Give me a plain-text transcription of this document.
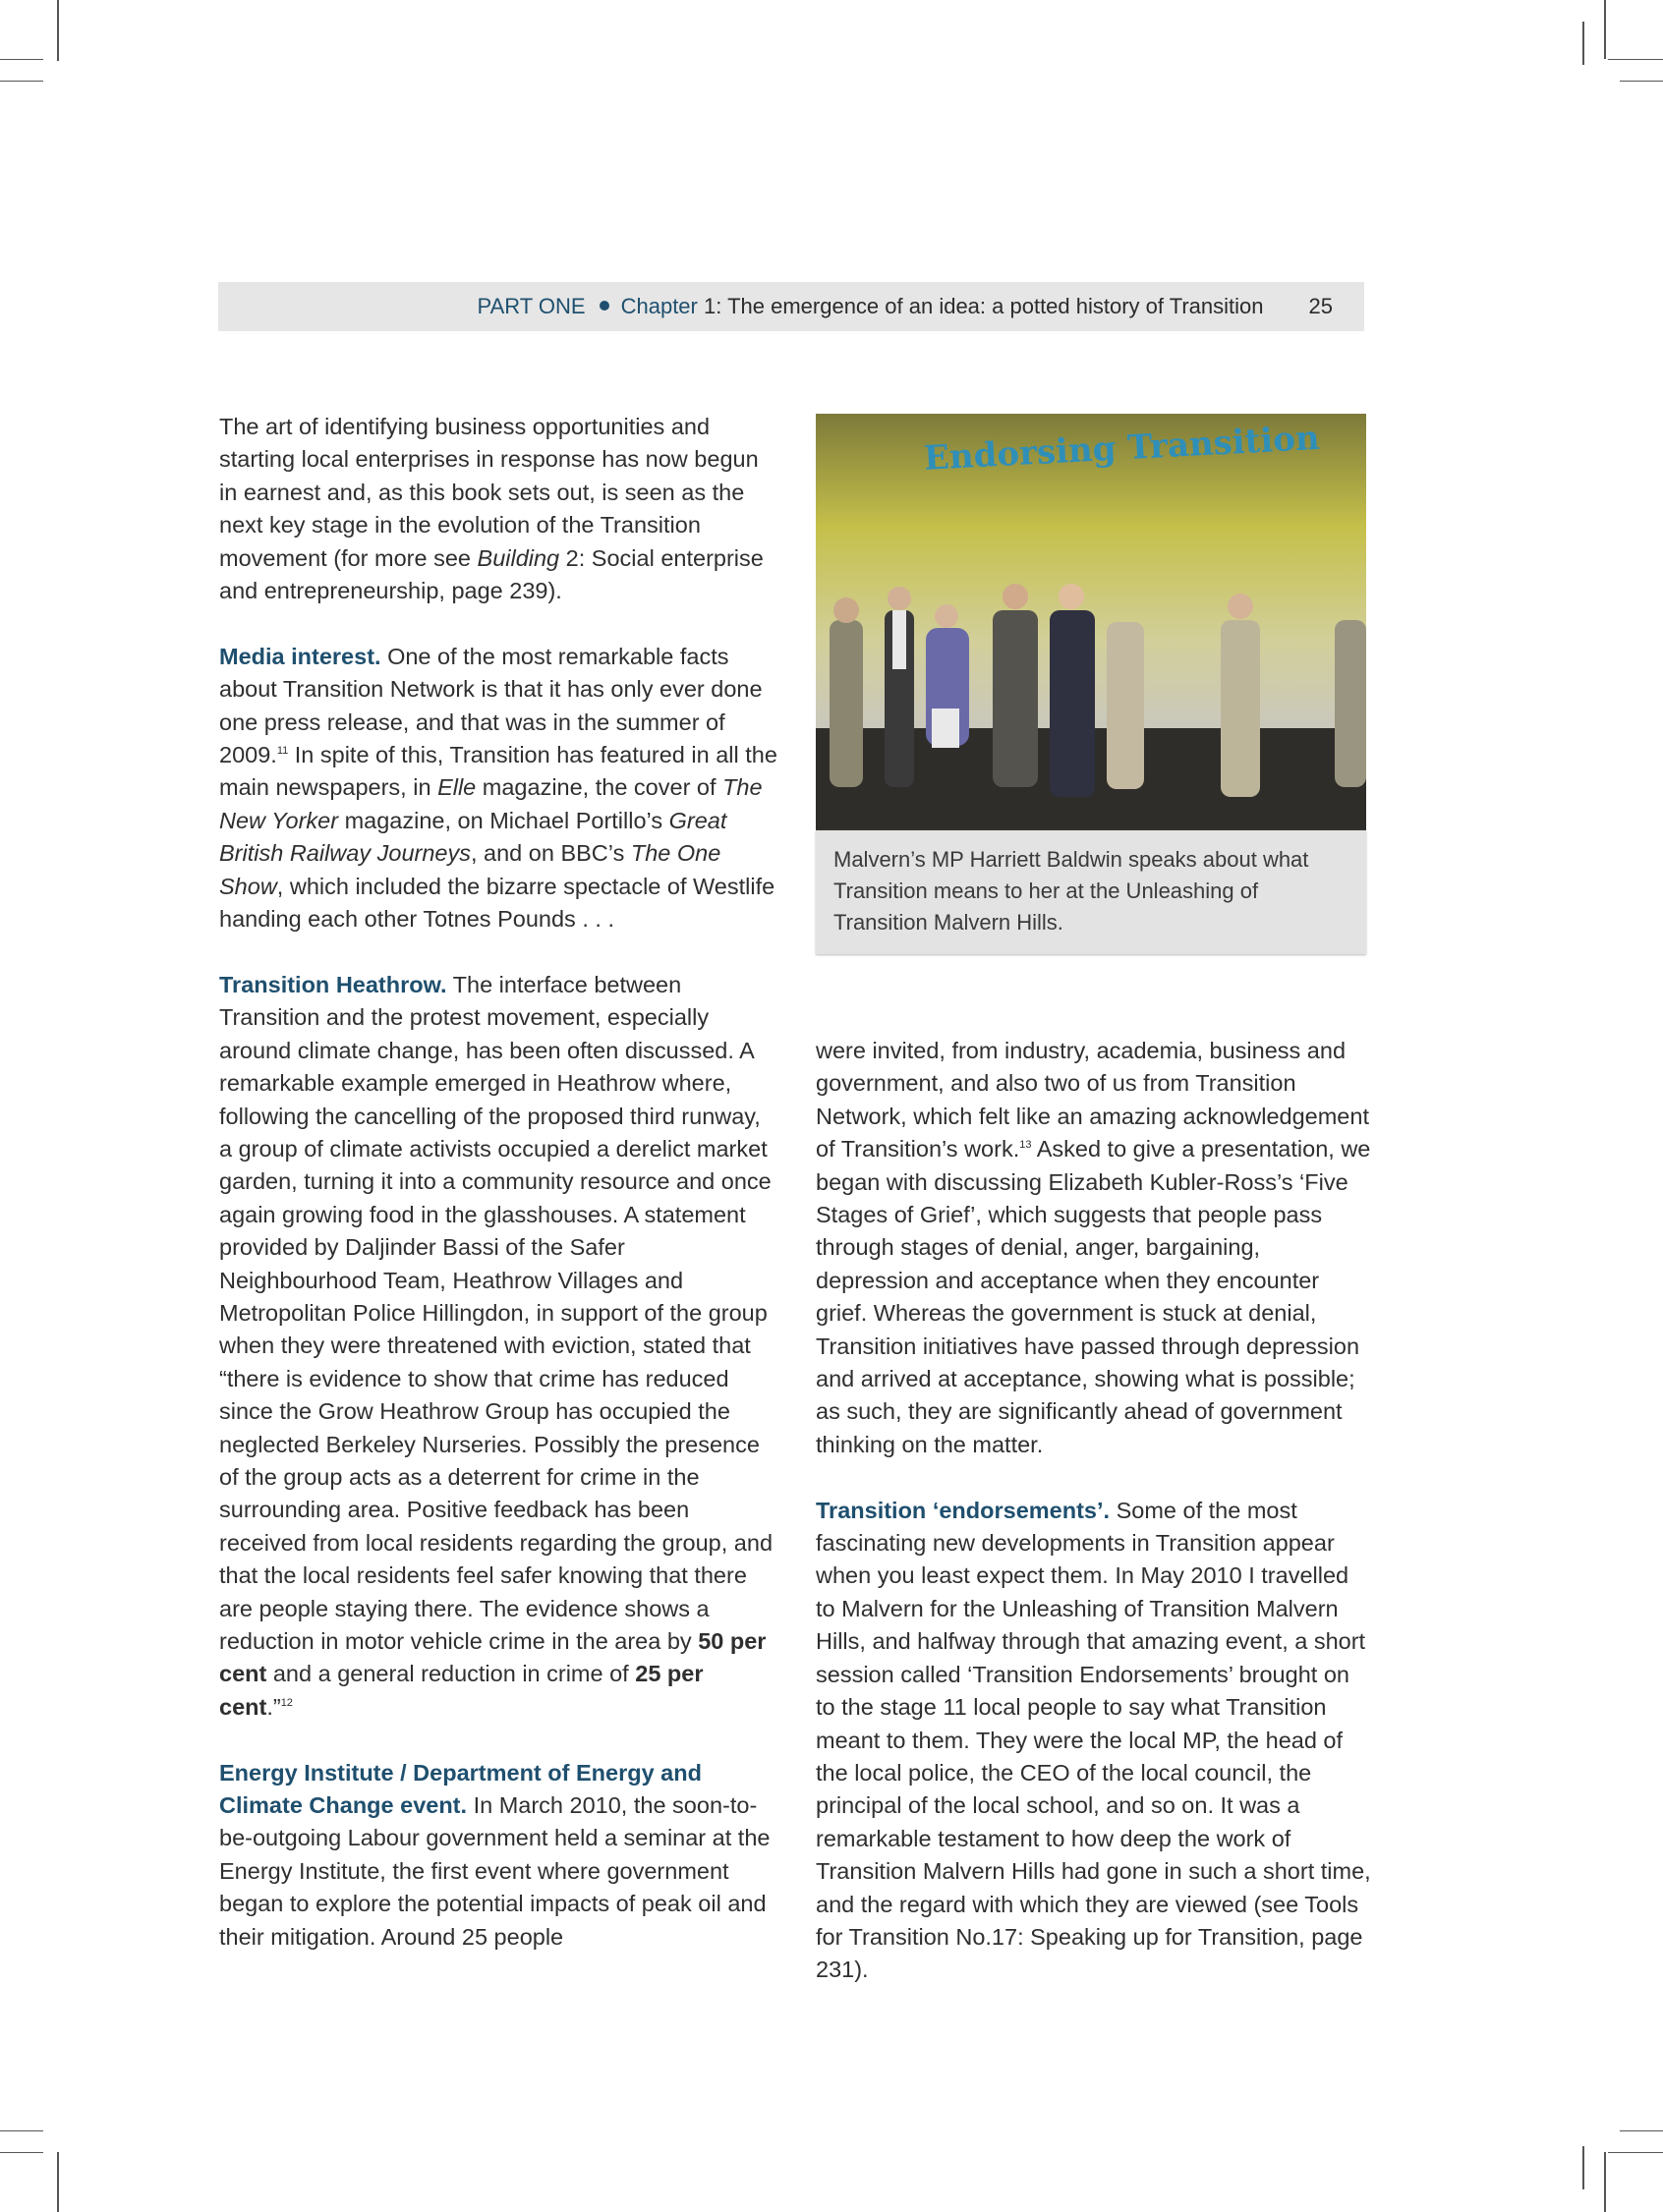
PART ONE Chapter
1 : The emergence of an idea: a potted history of Transition 25

The art of identifying business opportunities and starting local enterprises in response has now begun in earnest and, as this book sets out, is seen as the next key stage in the evolution of the Transition movement (for more see Building 2: Social enterprise and entrepreneurship, page 239).

Media interest. One of the most remarkable facts about Transition Network is that it has only ever done one press release, and that was in the summer of 2009.11 In spite of this, Transition has featured in all the main newspapers, in Elle magazine, the cover of The New Yorker magazine, on Michael Portillo’s Great British Railway Journeys, and on BBC’s The One Show, which included the bizarre spectacle of Westlife handing each other Totnes Pounds . . .

Transition Heathrow. The interface between Transition and the protest movement, especially around climate change, has been often discussed. A remarkable example emerged in Heathrow where, following the cancelling of the proposed third runway, a group of climate activists occupied a derelict market garden, turning it into a community resource and once again growing food in the glasshouses. A statement provided by Daljinder Bassi of the Safer Neighbourhood Team, Heathrow Villages and Metropolitan Police Hillingdon, in support of the group when they were threatened with eviction, stated that “there is evidence to show that crime has reduced since the Grow Heathrow Group has occupied the neglected Berkeley Nurseries. Possibly the presence of the group acts as a deterrent for crime in the surrounding area. Positive feedback has been received from local residents regarding the group, and that the local residents feel safer knowing that there are people staying there. The evidence shows a reduction in motor vehicle crime in the area by 50 per cent and a general reduction in crime of 25 per cent.”$^{12}$

Energy Institute / Department of Energy and Climate Change event. In March 2010, the soon-to-be-outgoing Labour government held a seminar at the Energy Institute, the first event where government began to explore the potential impacts of peak oil and their mitigation. Around 25 people

Endorsing Transition
Malvern’s MP Harriett Baldwin speaks about what Transition means to her at the Unleashing of Transition Malvern Hills.

were invited, from industry, academia, business and government, and also two of us from Transition Network, which felt like an amazing acknowledgement of Transition’s work.$^{13}$ Asked to give a presentation, we began with discussing Elizabeth Kubler-Ross’s ‘Five Stages of Grief’, which suggests that people pass through stages of denial, anger, bargaining, depression and acceptance when they encounter grief. Whereas the government is stuck at denial, Transition initiatives have passed through depression and arrived at acceptance, showing what is possible; as such, they are significantly ahead of government thinking on the matter.

Transition ‘endorsements’. Some of the most fascinating new developments in Transition appear when you least expect them. In May 2010 I travelled to Malvern for the Unleashing of Transition Malvern Hills, and halfway through that amazing event, a short session called ‘Transition Endorsements’ brought on to the stage 11 local people to say what Transition meant to them. They were the local MP, the head of the local police, the CEO of the local council, the principal of the local school, and so on. It was a remarkable testament to how deep the work of Transition Malvern Hills had gone in such a short time, and the regard with which they are viewed (see Tools for Transition No.17: Speaking up for Transition, page 231).
